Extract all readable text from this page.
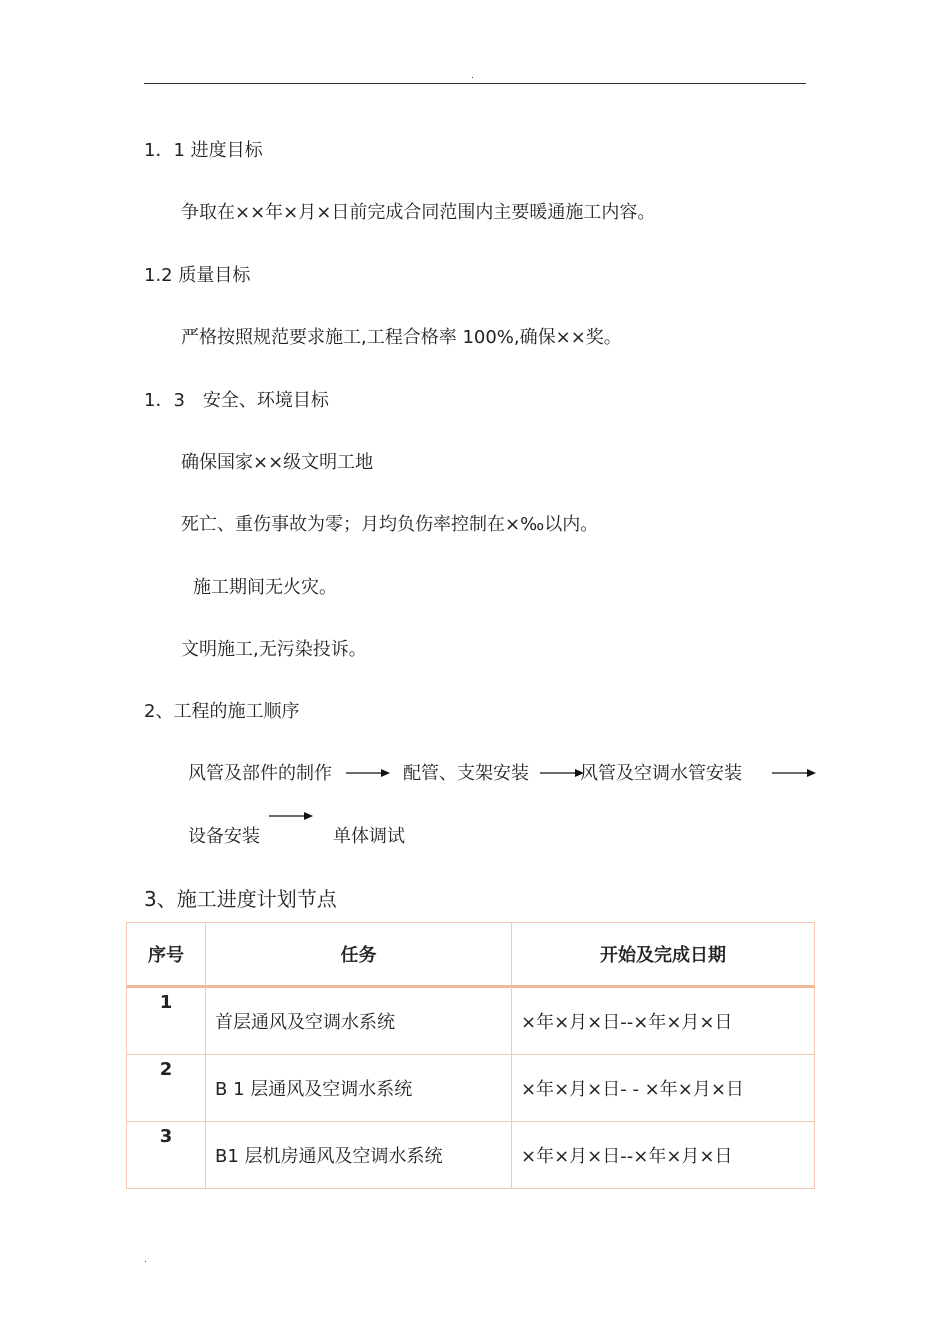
.
1．1 进度目标
争取在××年×月×日前完成合同范围内主要暖通施工内容。
1.2 质量目标
严格按照规范要求施工,工程合格率 100%,确保××奖。
1．3　安全、环境目标
确保国家××级文明工地
死亡、重伤事故为零；月均负伤率控制在×‰以内。
施工期间无火灾。
文明施工,无污染投诉。
2、工程的施工顺序
风管及部件的制作	配管、支架安装	风管及空调水管安装
设备安装	单体调试
3、施工进度计划节点
序号	任务	开始及完成日期
1	首层通风及空调水系统	×年×月×日--×年×月×日
2	B 1 层通风及空调水系统	×年×月×日- - ×年×月×日
3	B1 层机房通风及空调水系统	×年×月×日--×年×月×日
.
